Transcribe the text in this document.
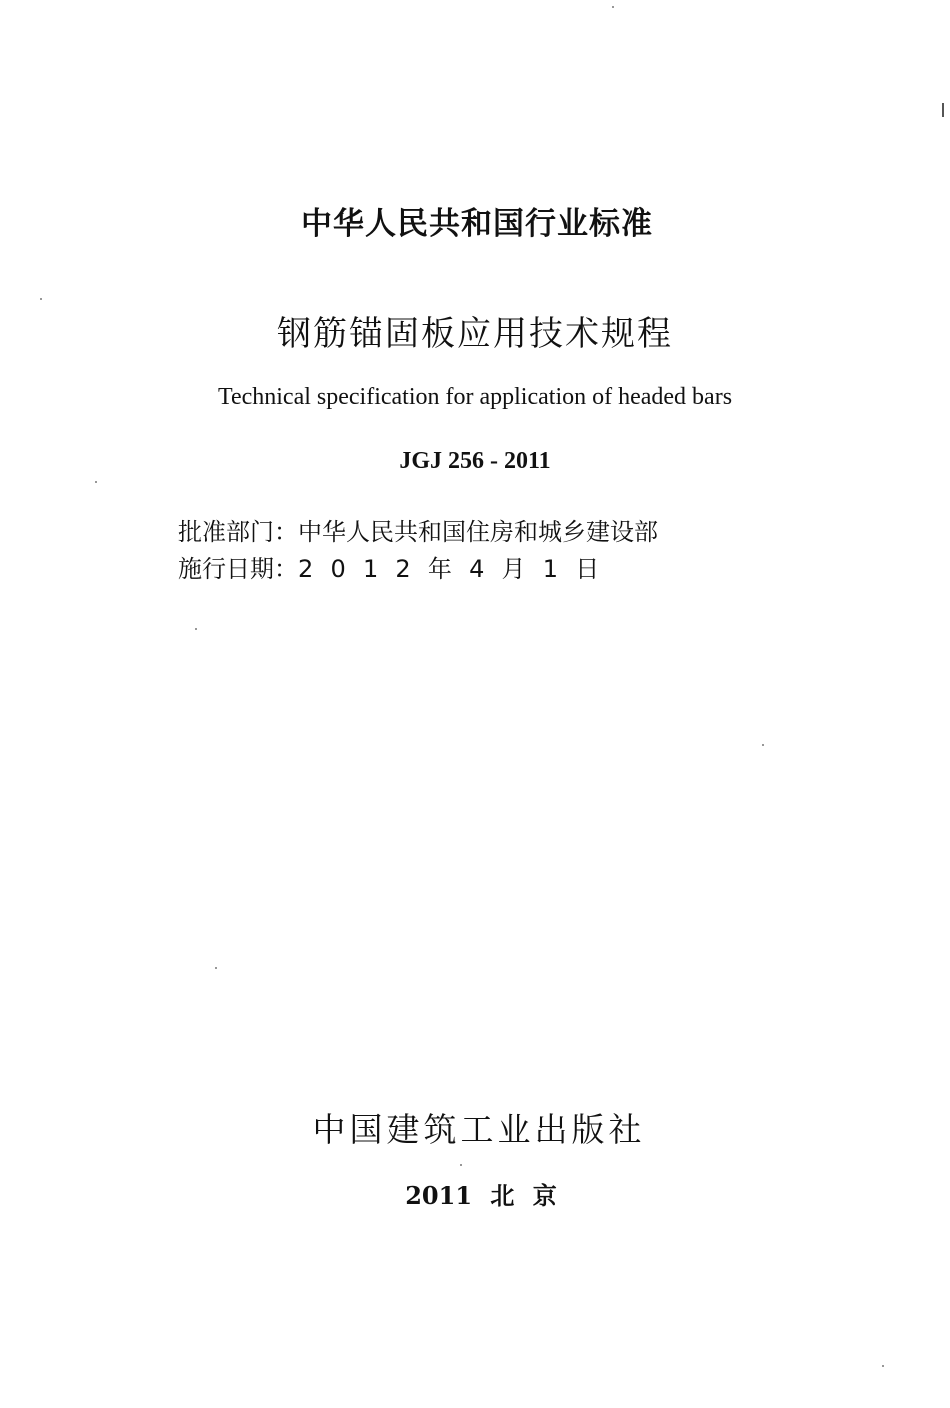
中华人民共和国行业标准
钢筋锚固板应用技术规程
Technical specification for application of headed bars
JGJ 256 - 2011
批准部门：中华人民共和国住房和城乡建设部
施行日期：2012年4月1日
中国建筑工业出版社
2011 北 京
